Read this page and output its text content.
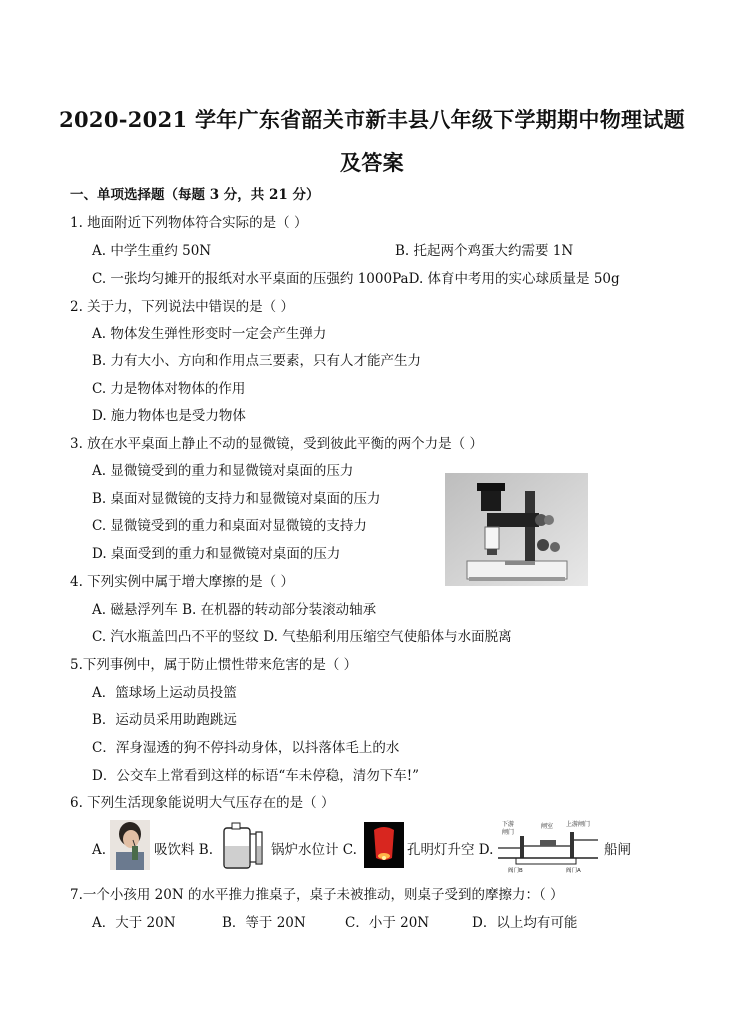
2020-2021 学年广东省韶关市新丰县八年级下学期期中物理试题
及答案
一、单项选择题（每题 3 分，共 21 分）
1. 地面附近下列物体符合实际的是（ ）
A. 中学生重约 50N	B. 托起两个鸡蛋大约需要 1N
C. 一张均匀摊开的报纸对水平桌面的压强约 1000PaD. 体育中考用的实心球质量是 50g
2. 关于力，下列说法中错误的是（ ）
A. 物体发生弹性形变时一定会产生弹力
B. 力有大小、方向和作用点三要素，只有人才能产生力
C. 力是物体对物体的作用
D. 施力物体也是受力物体
3. 放在水平桌面上静止不动的显微镜，受到彼此平衡的两个力是（ ）
A. 显微镜受到的重力和显微镜对桌面的压力
B. 桌面对显微镜的支持力和显微镜对桌面的压力
C. 显微镜受到的重力和桌面对显微镜的支持力
D. 桌面受到的重力和显微镜对桌面的压力
4. 下列实例中属于增大摩擦的是（ ）
A. 磁悬浮列车 B. 在机器的转动部分装滚动轴承
C. 汽水瓶盖凹凸不平的竖纹 D. 气垫船利用压缩空气使船体与水面脱离
5.下列事例中，属于防止惯性带来危害的是（ ）
A．篮球场上运动员投篮
B．运动员采用助跑跳远
C．浑身湿透的狗不停抖动身体，以抖落体毛上的水
D．公交车上常看到这样的标语“车未停稳，清勿下车!”
6. 下列生活现象能说明大气压存在的是（ ）
A.	吸饮料 B.	锅炉水位计 C.	孔明灯升空 D.
下游
闸门
闸室 上游闸门
阀门B	阀门A
船闸
7.一个小孩用 20N 的水平推力推桌子，桌子未被推动，则桌子受到的摩擦力：（ ）
A．大于 20N	B．等于 20N	C．小于 20N	D．以上均有可能
